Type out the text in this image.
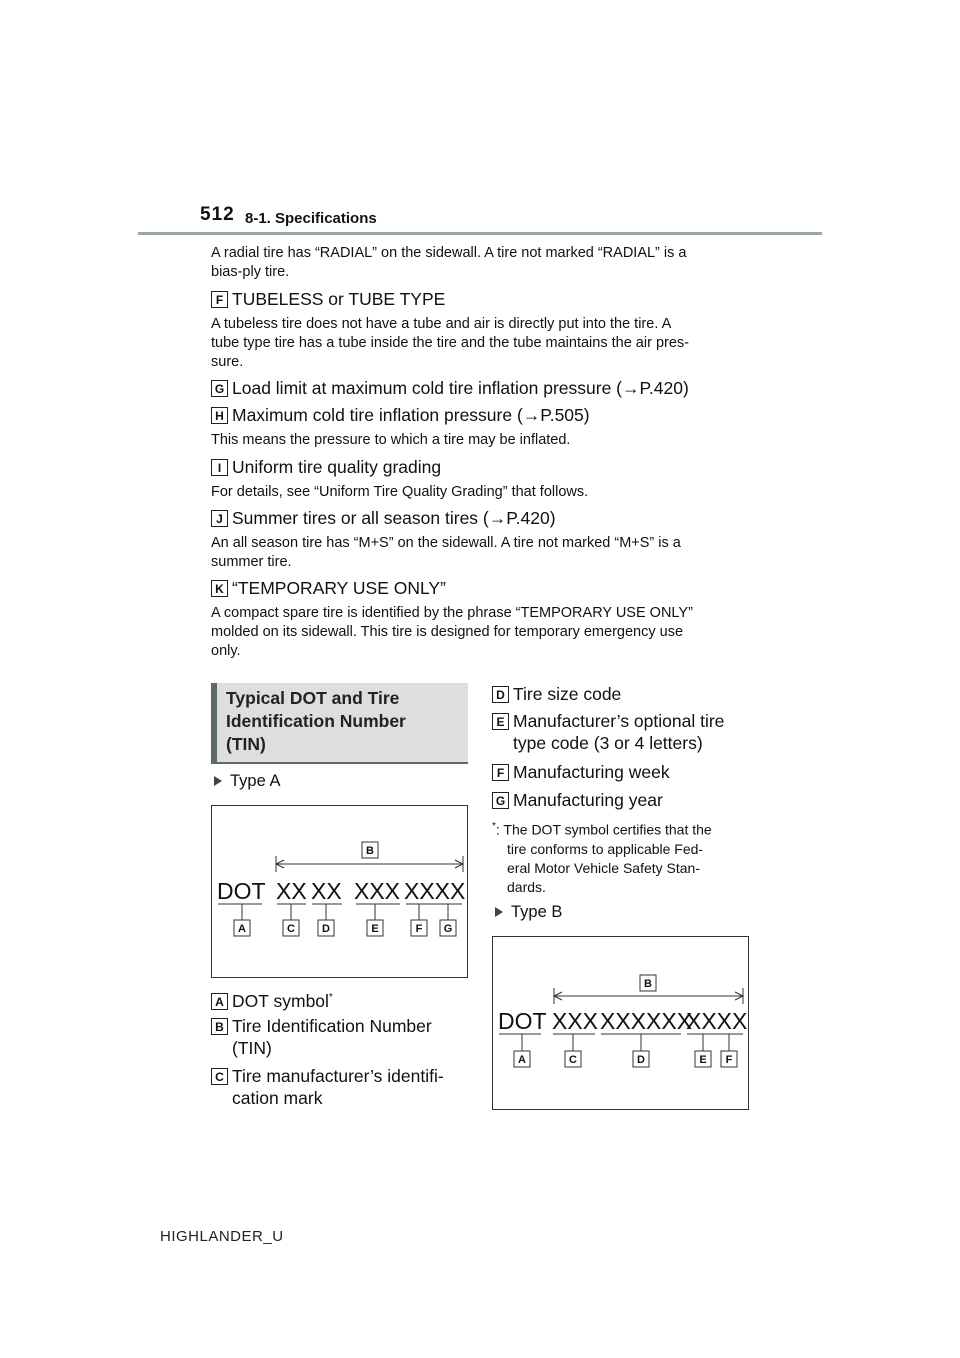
512 8-1. Specifications
A radial tire has “RADIAL” on the sidewall. A tire not marked “RADIAL” is a
bias-ply tire.
F TUBELESS or TUBE TYPE
A tubeless tire does not have a tube and air is directly put into the tire. A
tube type tire has a tube inside the tire and the tube maintains the air pres-
sure.
G Load limit at maximum cold tire inflation pressure (→P.420)
H Maximum cold tire inflation pressure (→P.505)
This means the pressure to which a tire may be inflated.
I Uniform tire quality grading
For details, see “Uniform Tire Quality Grading” that follows.
J Summer tires or all season tires (→P.420)
An all season tire has “M+S” on the sidewall. A tire not marked “M+S” is a
summer tire.
K “TEMPORARY USE ONLY”
A compact spare tire is identified by the phrase “TEMPORARY USE ONLY”
molded on its sidewall. This tire is designed for temporary emergency use
only.
Typical DOT and Tire
Identification Number
(TIN)
Type A
DOT XX XX XXX XXXX
B
A	C D	E	F G
A DOT symbol*
B Tire Identification Number
(TIN)
C Tire manufacturer’s identifi-
cation mark
D Tire size code
E Manufacturer’s optional tire
type code (3 or 4 letters)
F Manufacturing week
G Manufacturing year
*: The DOT symbol certifies that the
tire conforms to applicable Fed-
eral Motor Vehicle Safety Stan-
dards.
Type B
DOT XXX XXXXXX
XXXX
B
A	C	D	E F
HIGHLANDER_U
